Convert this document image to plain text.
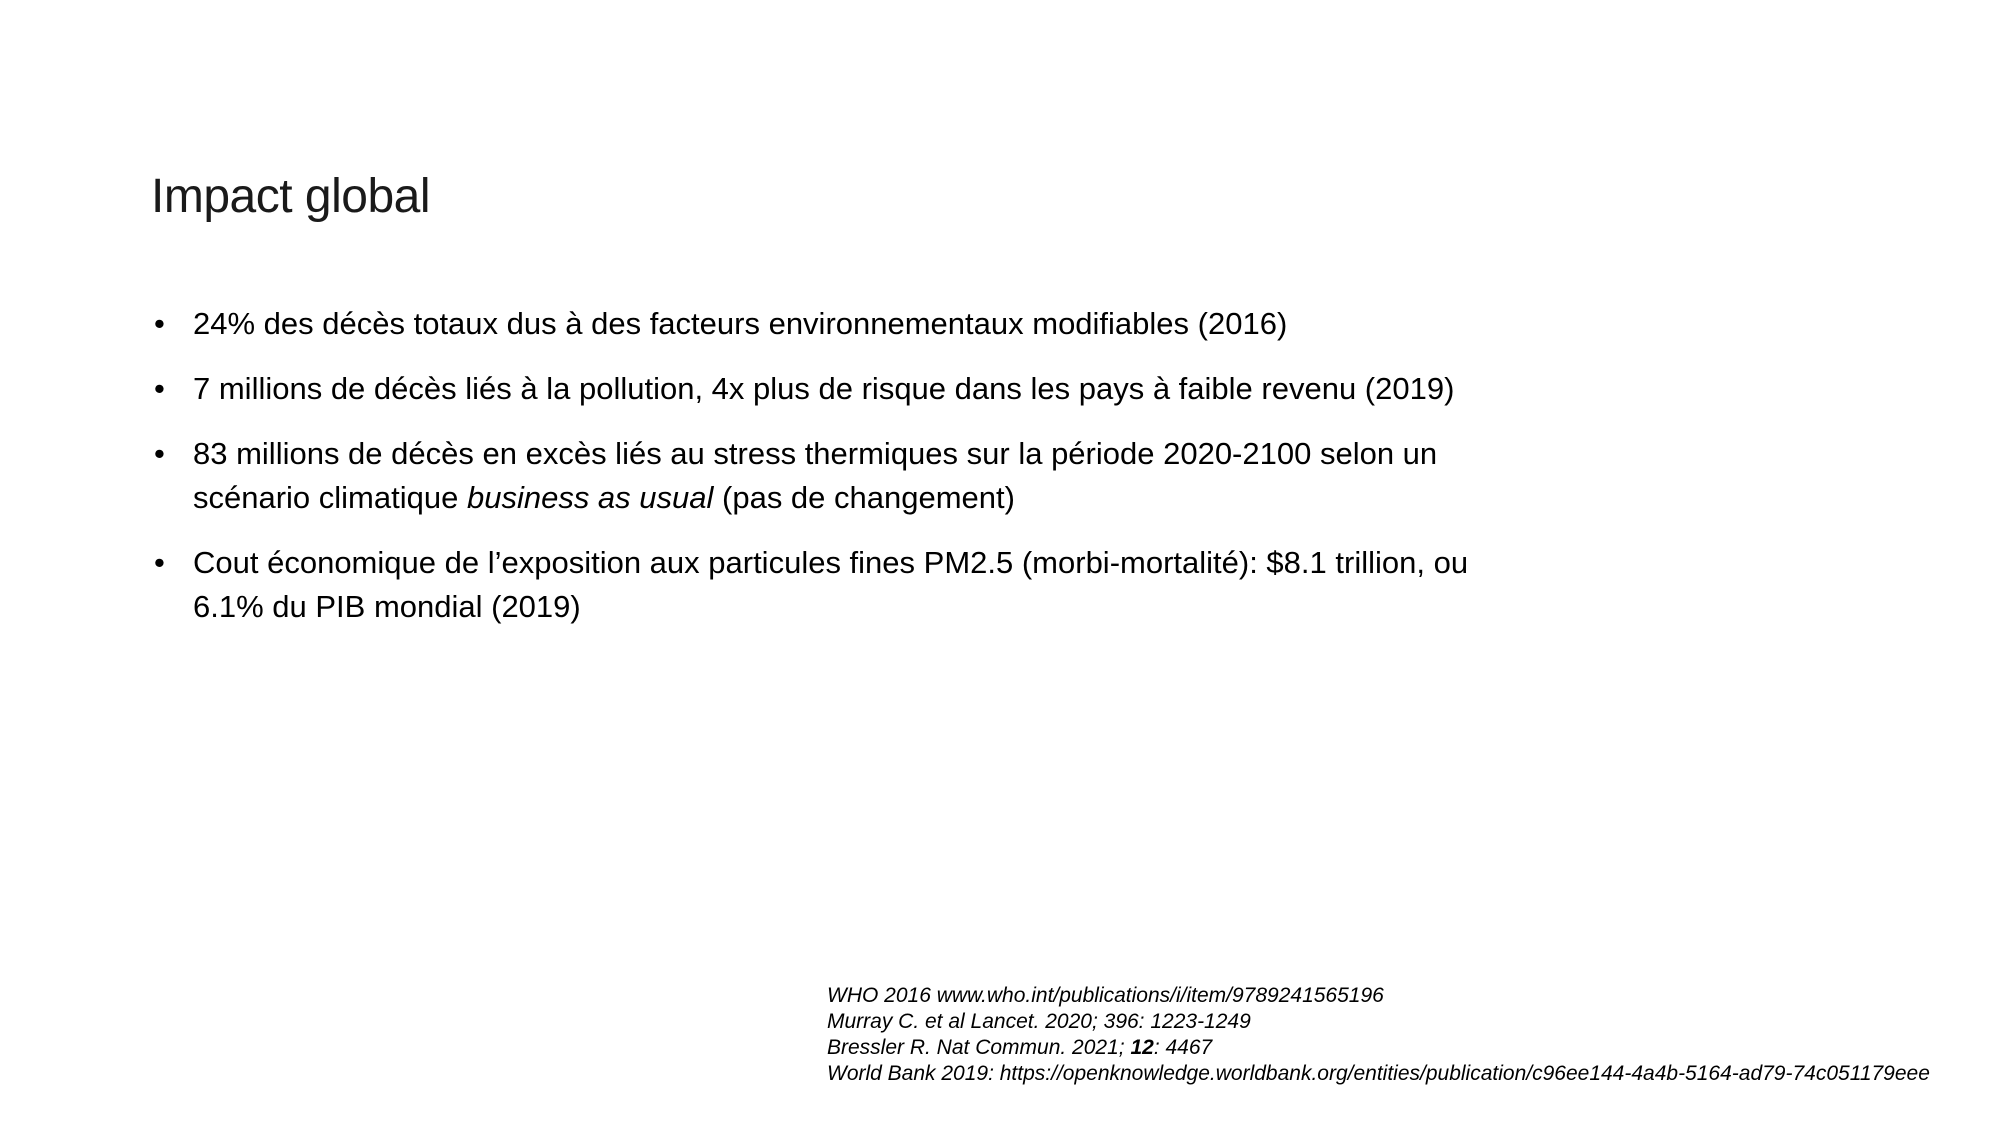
Impact global
• 24% des décès totaux dus à des facteurs environnementaux modifiables (2016)
• 7 millions de décès liés à la pollution, 4x plus de risque dans les pays à faible revenu (2019)
• 83 millions de décès en excès liés au stress thermiques sur la période 2020-2100 selon un
scénario climatique business as usual (pas de changement)
• Cout économique de l’exposition aux particules fines PM2.5 (morbi-mortalité): $8.1 trillion, ou
6.1% du PIB mondial (2019)
WHO 2016 www.who.int/publications/i/item/9789241565196
Murray C. et al Lancet. 2020; 396: 1223-1249
Bressler R. Nat Commun. 2021; 12: 4467
World Bank 2019: https://openknowledge.worldbank.org/entities/publication/c96ee144-4a4b-5164-ad79-74c051179eee
